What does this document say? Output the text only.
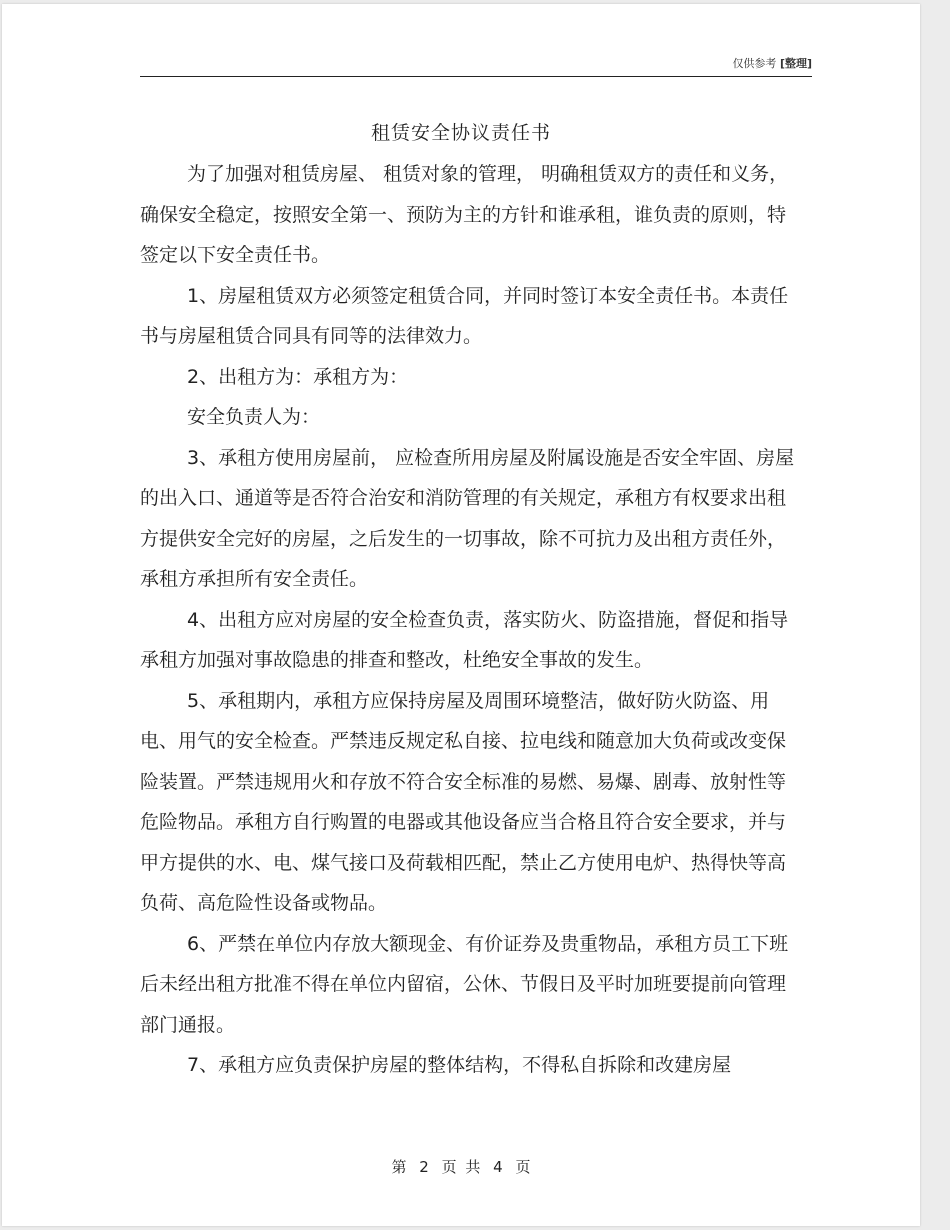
仅供参考 [整理]
租赁安全协议责任书

为了加强对租赁房屋、 租赁对象的管理， 明确租赁双方的责任和义务，确保安全稳定，按照安全第一、预防为主的方针和谁承租，谁负责的原则，特签定以下安全责任书。

1、房屋租赁双方必须签定租赁合同，并同时签订本安全责任书。本责任书与房屋租赁合同具有同等的法律效力。

2、出租方为：承租方为：

安全负责人为：

3、承租方使用房屋前， 应检查所用房屋及附属设施是否安全牢固、房屋的出入口、通道等是否符合治安和消防管理的有关规定，承租方有权要求出租方提供安全完好的房屋，之后发生的一切事故，除不可抗力及出租方责任外，承租方承担所有安全责任。

4、出租方应对房屋的安全检查负责，落实防火、防盗措施，督促和指导承租方加强对事故隐患的排查和整改，杜绝安全事故的发生。

5、承租期内，承租方应保持房屋及周围环境整洁，做好防火防盗、用电、用气的安全检查。严禁违反规定私自接、拉电线和随意加大负荷或改变保险装置。严禁违规用火和存放不符合安全标准的易燃、易爆、剧毒、放射性等危险物品。承租方自行购置的电器或其他设备应当合格且符合安全要求，并与甲方提供的水、电、煤气接口及荷载相匹配，禁止乙方使用电炉、热得快等高负荷、高危险性设备或物品。

6、严禁在单位内存放大额现金、有价证券及贵重物品，承租方员工下班后未经出租方批准不得在单位内留宿，公休、节假日及平时加班要提前向管理部门通报。

7、承租方应负责保护房屋的整体结构，不得私自拆除和改建房屋

第 2 页 共 4 页
